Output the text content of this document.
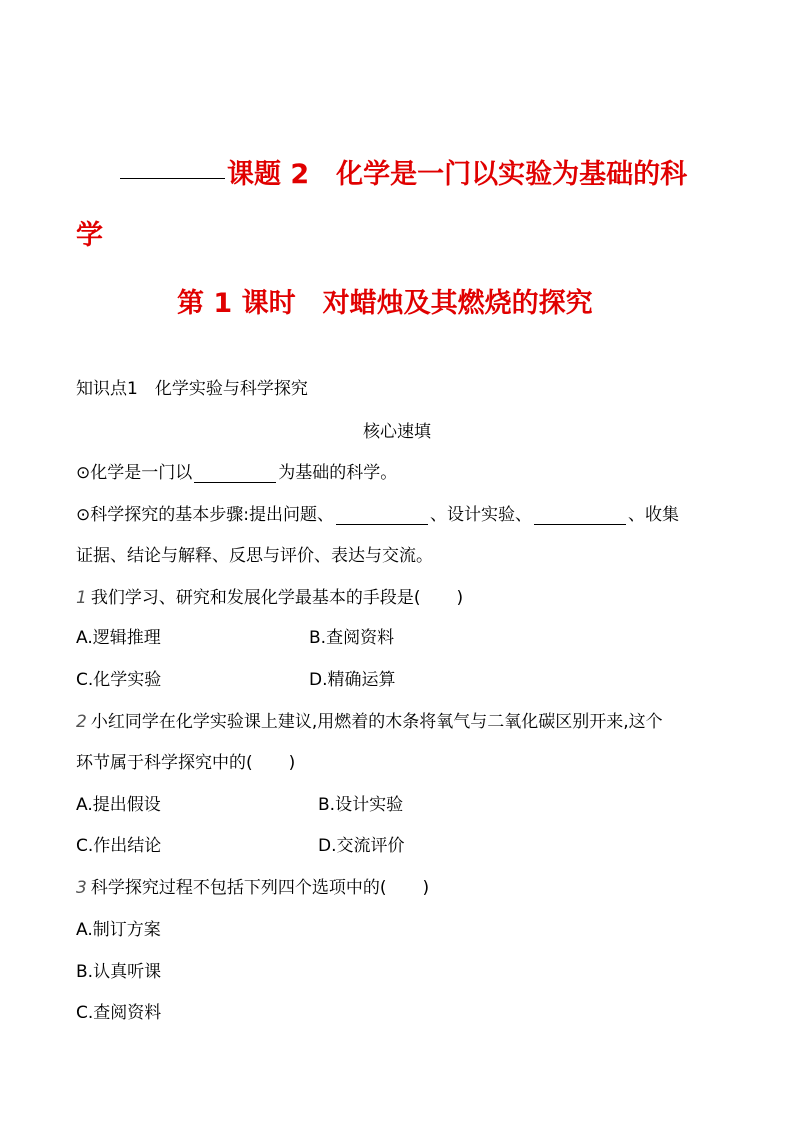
课题 2　化学是一门以实验为基础的科
学
第 1 课时　对蜡烛及其燃烧的探究
知识点1　化学实验与科学探究
核心速填
⊙化学是一门以	为基础的科学。
⊙科学探究的基本步骤:提出问题、	、设计实验、	、收集
证据、结论与解释、反思与评价、表达与交流。
1 我们学习、研究和发展化学最基本的手段是( )
A.逻辑推理	B.查阅资料
C.化学实验	D.精确运算
2 小红同学在化学实验课上建议,用燃着的木条将氧气与二氧化碳区别开来,这个
环节属于科学探究中的( )
A.提出假设	B.设计实验
C.作出结论	D.交流评价
3 科学探究过程不包括下列四个选项中的( )
A.制订方案
B.认真听课
C.查阅资料
